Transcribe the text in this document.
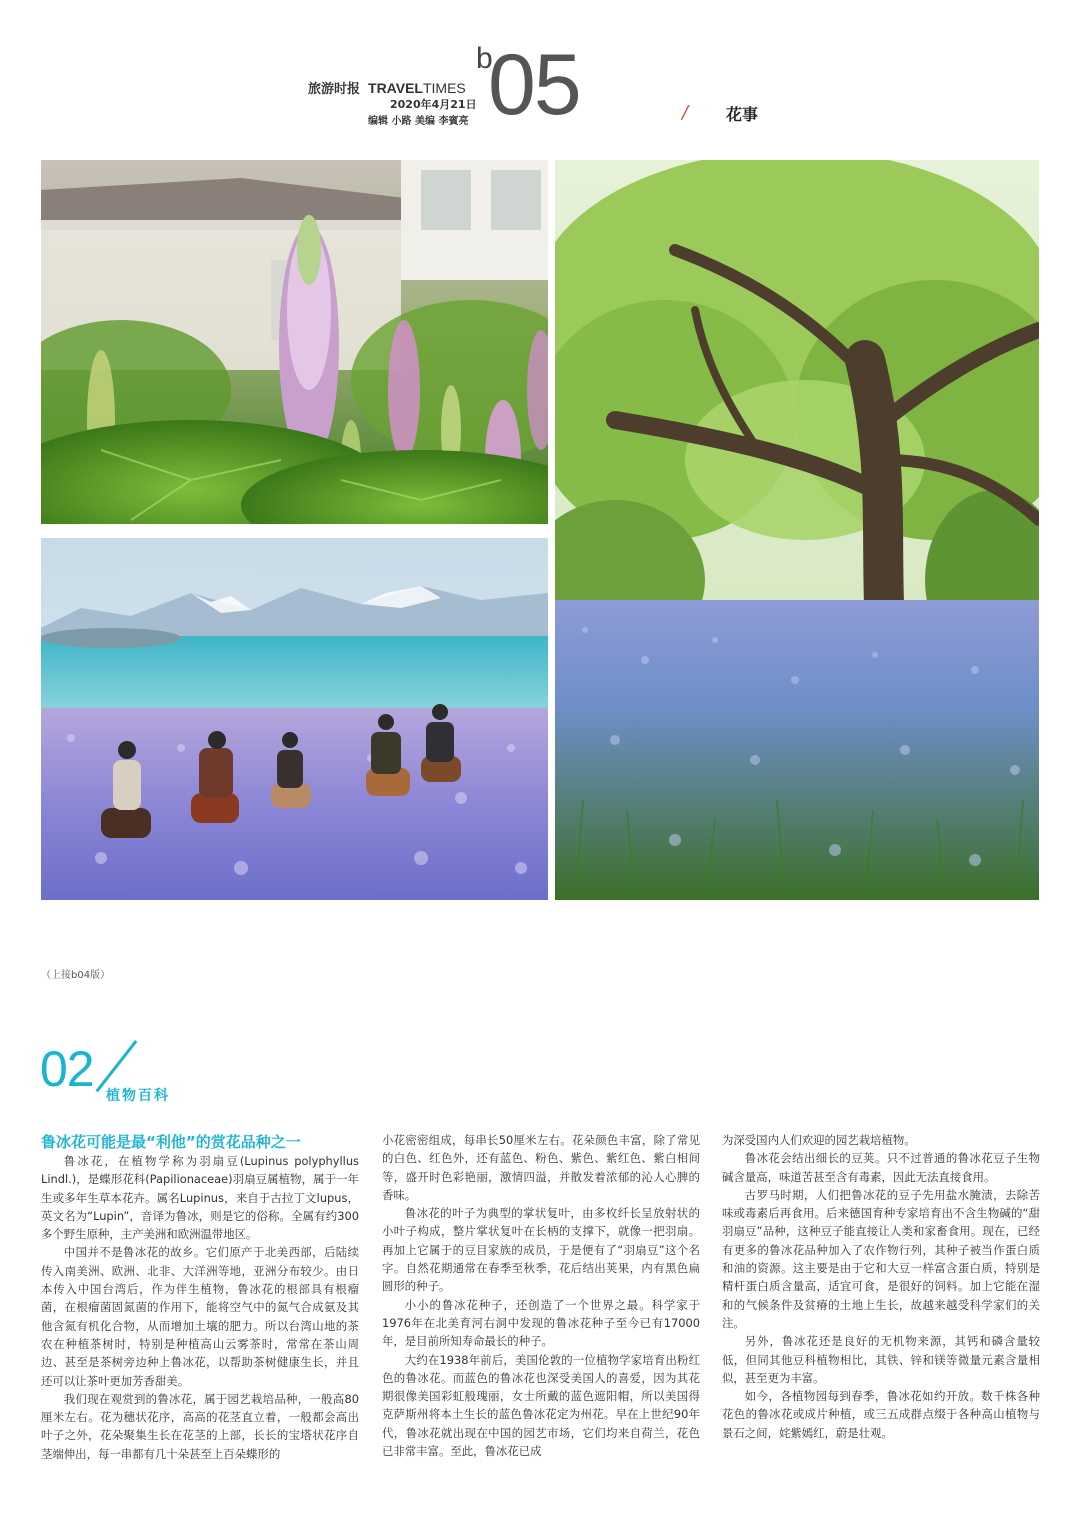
旅游时报 TRAVELTIMES
2020年4月21日
编辑 小路 美编 李賓亮
b
05	/ 花事
（上接b04版）
02 植物百科
鲁冰花可能是最“利他”的赏花品种之一

鲁冰花，在植物学称为羽扇豆(Lupinus polyphyllus Lindl.)，是蝶形花科(Papilionaceae)羽扇豆属植物，属于一年生或多年生草本花卉。属名Lupinus，来自于古拉丁文lupus，英文名为“Lupin”，音译为鲁冰，则是它的俗称。全属有约300多个野生原种，主产美洲和欧洲温带地区。

中国并不是鲁冰花的故乡。它们原产于北美西部，后陆续传入南美洲、欧洲、北非、大洋洲等地，亚洲分布较少。由日本传入中国台湾后，作为伴生植物，鲁冰花的根部具有根瘤菌，在根瘤菌固氮菌的作用下，能将空气中的氮气合成氨及其他含氮有机化合物，从而增加土壤的肥力。所以台湾山地的茶农在种植茶树时，特别是种植高山云雾茶时，常常在茶山周边、甚至是茶树旁边种上鲁冰花，以帮助茶树健康生长，并且还可以让茶叶更加芳香甜美。

我们现在观赏到的鲁冰花，属于园艺栽培品种，一般高80厘米左右。花为穗状花序，高高的花茎直立着，一般都会高出叶子之外，花朵聚集生长在花茎的上部，长长的宝塔状花序自茎端伸出，每一串都有几十朵甚至上百朵蝶形的

小花密密组成，每串长50厘米左右。花朵颜色丰富，除了常见的白色、红色外，还有蓝色、粉色、紫色、紫红色、紫白相间等，盛开时色彩艳丽，激情四溢，并散发着浓郁的沁人心脾的香味。

鲁冰花的叶子为典型的掌状复叶，由多枚纤长呈放射状的小叶子构成，整片掌状复叶在长柄的支撑下，就像一把羽扇。再加上它属于的豆目家族的成员，于是便有了“羽扇豆”这个名字。自然花期通常在春季至秋季，花后结出荚果，内有黑色扁圆形的种子。

小小的鲁冰花种子，还创造了一个世界之最。科学家于1976年在北美育河右洞中发现的鲁冰花种子至今已有17000年，是目前所知寿命最长的种子。

大约在1938年前后，美国伦敦的一位植物学家培育出粉红色的鲁冰花。而蓝色的鲁冰花也深受美国人的喜爱，因为其花期很像美国彩虹般瑰丽，女士所戴的蓝色遮阳帽，所以美国得克萨斯州将本土生长的蓝色鲁冰花定为州花。早在上世纪90年代，鲁冰花就出现在中国的园艺市场，它们均来自荷兰，花色已非常丰富。至此，鲁冰花已成

为深受国内人们欢迎的园艺栽培植物。

鲁冰花会结出细长的豆荚。只不过普通的鲁冰花豆子生物碱含量高，味道苦甚至含有毒素，因此无法直接食用。

古罗马时期，人们把鲁冰花的豆子先用盐水腌渍，去除苦味或毒素后再食用。后来德国育种专家培育出不含生物碱的“甜羽扇豆”品种，这种豆子能直接让人类和家畜食用。现在，已经有更多的鲁冰花品种加入了农作物行列，其种子被当作蛋白质和油的资源。这主要是由于它和大豆一样富含蛋白质，特别是精杆蛋白质含量高，适宜可食，是很好的饲料。加上它能在湿和的气候条件及贫瘠的土地上生长，故越来越受科学家们的关注。

另外，鲁冰花还是良好的无机物来源，其钙和磷含量较低，但同其他豆科植物相比，其铁、锌和镁等微量元素含量相似，甚至更为丰富。

如今，各植物园每到春季，鲁冰花如约开放。数千株各种花色的鲁冰花或成片种植，或三五成群点缀于各种高山植物与景石之间，姹紫嫣红，蔚是壮观。
